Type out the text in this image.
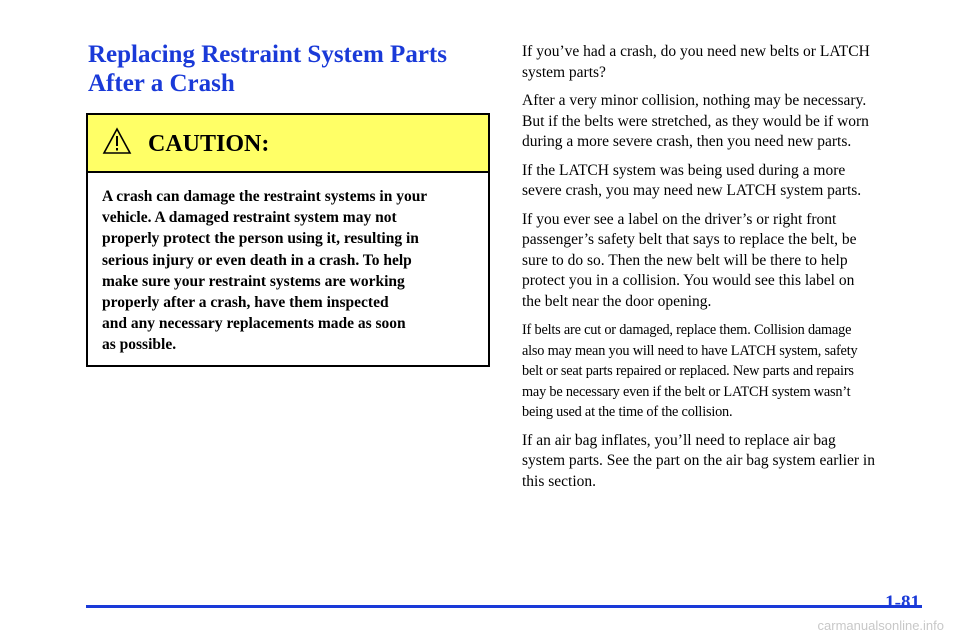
Replacing Restraint System Parts
After a Crash
CAUTION:
A crash can damage the restraint systems in your
vehicle. A damaged restraint system may not
properly protect the person using it, resulting in
serious injury or even death in a crash. To help
make sure your restraint systems are working
properly after a crash, have them inspected
and any necessary replacements made as soon
as possible.

If you’ve had a crash, do you need new belts or LATCH
system parts?

After a very minor collision, nothing may be necessary.
But if the belts were stretched, as they would be if worn
during a more severe crash, then you need new parts.

If the LATCH system was being used during a more
severe crash, you may need new LATCH system parts.

If you ever see a label on the driver’s or right front
passenger’s safety belt that says to replace the belt, be
sure to do so. Then the new belt will be there to help
protect you in a collision. You would see this label on
the belt near the door opening.

If belts are cut or damaged, replace them. Collision damage
also may mean you will need to have LATCH system, safety
belt or seat parts repaired or replaced. New parts and repairs
may be necessary even if the belt or LATCH system wasn’t
being used at the time of the collision.

If an air bag inflates, you’ll need to replace air bag
system parts. See the part on the air bag system earlier in
this section.

1-81
carmanualsonline.info
